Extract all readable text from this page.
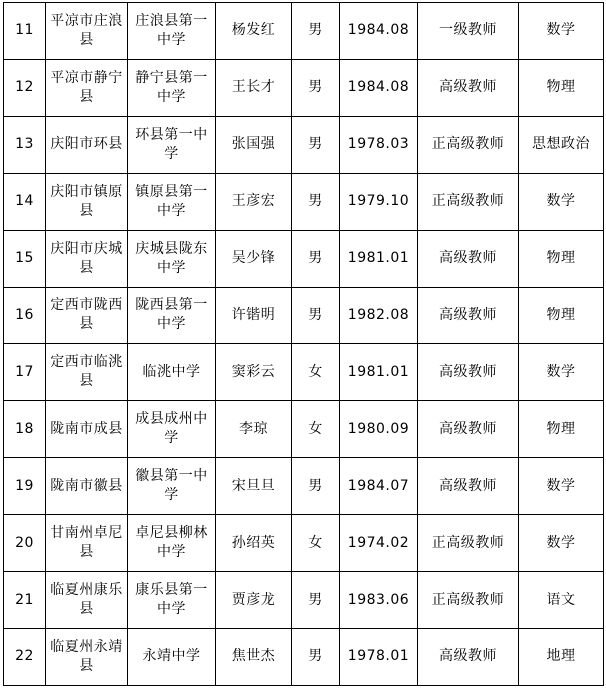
11	平凉市庄浪县	庄浪县第一中学	杨发红	男	1984.08	一级教师	数学
12	平凉市静宁县	静宁县第一中学	王长才	男	1984.08	高级教师	物理
13	庆阳市环县	环县第一中学	张国强	男	1978.03	正高级教师	思想政治
14	庆阳市镇原县	镇原县第一中学	王彦宏	男	1979.10	正高级教师	数学
15	庆阳市庆城县	庆城县陇东中学	吴少锋	男	1981.01	高级教师	物理
16	定西市陇西县	陇西县第一中学	许锴明	男	1982.08	高级教师	物理
17	定西市临洮县	临洮中学	窦彩云	女	1981.01	高级教师	数学
18	陇南市成县	成县成州中学	李琼	女	1980.09	高级教师	物理
19	陇南市徽县	徽县第一中学	宋旦旦	男	1984.07	高级教师	数学
20	甘南州卓尼县	卓尼县柳林中学	孙绍英	女	1974.02	正高级教师	数学
21	临夏州康乐县	康乐县第一中学	贾彦龙	男	1983.06	正高级教师	语文
22	临夏州永靖县	永靖中学	焦世杰	男	1978.01	高级教师	地理
